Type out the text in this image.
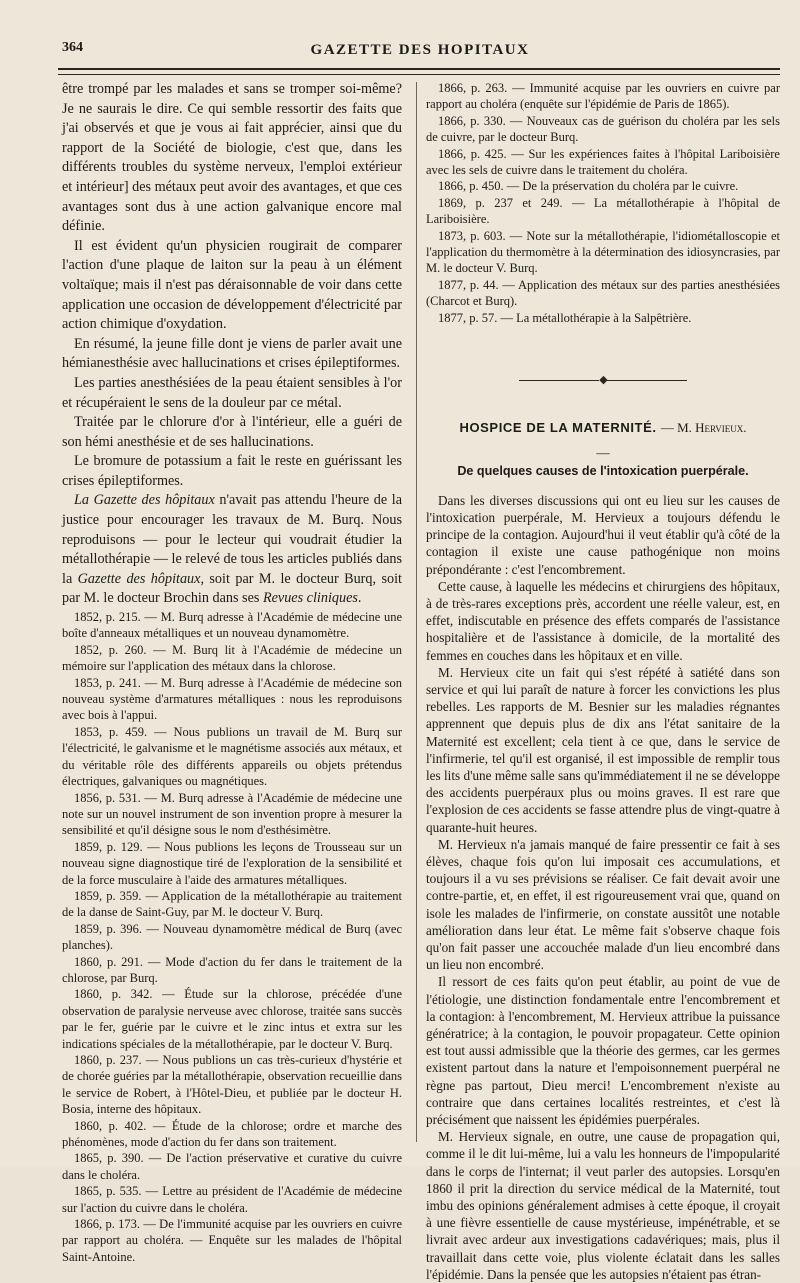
364	GAZETTE DES HOPITAUX

être trompé par les malades et sans se tromper soi-même? Je ne saurais le dire. Ce qui semble ressortir des faits que j'ai observés et que je vous ai fait apprécier, ainsi que du rapport de la Société de biologie, c'est que, dans les différents troubles du système nerveux, l'emploi extérieur et intérieur] des métaux peut avoir des avantages, et que ces avantages sont dus à une action galvanique encore mal définie.

Il est évident qu'un physicien rougirait de comparer l'action d'une plaque de laiton sur la peau à un élément voltaïque; mais il n'est pas déraisonnable de voir dans cette application une occasion de développement d'électricité par action chimique d'oxydation.

En résumé, la jeune fille dont je viens de parler avait une hémianesthésie avec hallucinations et crises épileptiformes.

Les parties anesthésiées de la peau étaient sensibles à l'or et récupéraient le sens de la douleur par ce métal.

Traitée par le chlorure d'or à l'intérieur, elle a guéri de son hémi anesthésie et de ses hallucinations.

Le bromure de potassium a fait le reste en guérissant les crises épileptiformes.

La Gazette des hôpitaux n'avait pas attendu l'heure de la justice pour encourager les travaux de M. Burq. Nous reproduisons — pour le lecteur qui voudrait étudier la métallothérapie — le relevé de tous les articles publiés dans la Gazette des hôpitaux, soit par M. le docteur Burq, soit par M. le docteur Brochin dans ses Revues cliniques.

1852, p. 215. — M. Burq adresse à l'Académie de médecine une boîte d'anneaux métalliques et un nouveau dynamomètre.

1852, p. 260. — M. Burq lit à l'Académie de médecine un mémoire sur l'application des métaux dans la chlorose.

1853, p. 241. — M. Burq adresse à l'Académie de médecine son nouveau système d'armatures métalliques : nous les reproduisons avec bois à l'appui.

1853, p. 459. — Nous publions un travail de M. Burq sur l'électricité, le galvanisme et le magnétisme associés aux métaux, et du véritable rôle des différents appareils ou objets prétendus électriques, galvaniques ou magnétiques.

1856, p. 531. — M. Burq adresse à l'Académie de médecine une note sur un nouvel instrument de son invention propre à mesurer la sensibilité et qu'il désigne sous le nom d'esthésimètre.

1859, p. 129. — Nous publions les leçons de Trousseau sur un nouveau signe diagnostique tiré de l'exploration de la sensibilité et de la force musculaire à l'aide des armatures métalliques.

1859, p. 359. — Application de la métallothérapie au traitement de la danse de Saint-Guy, par M. le docteur V. Burq.

1859, p. 396. — Nouveau dynamomètre médical de Burq (avec planches).

1860, p. 291. — Mode d'action du fer dans le traitement de la chlorose, par Burq.

1860, p. 342. — Étude sur la chlorose, précédée d'une observation de paralysie nerveuse avec chlorose, traitée sans succès par le fer, guérie par le cuivre et le zinc intus et extra sur les indications spéciales de la métallothérapie, par le docteur V. Burq.

1860, p. 237. — Nous publions un cas très-curieux d'hystérie et de chorée guéries par la métallothérapie, observation recueillie dans le service de Robert, à l'Hôtel-Dieu, et publiée par le docteur H. Bosia, interne des hôpitaux.

1860, p. 402. — Étude de la chlorose; ordre et marche des phénomènes, mode d'action du fer dans son traitement.

1865, p. 390. — De l'action préservative et curative du cuivre dans le choléra.

1865, p. 535. — Lettre au président de l'Académie de médecine sur l'action du cuivre dans le choléra.

1866, p. 173. — De l'immunité acquise par les ouvriers en cuivre par rapport au choléra. — Enquête sur les malades de l'hôpital Saint-Antoine.

1866, p. 263. — Immunité acquise par les ouvriers en cuivre par rapport au choléra (enquête sur l'épidémie de Paris de 1865).

1866, p. 330. — Nouveaux cas de guérison du choléra par les sels de cuivre, par le docteur Burq.

1866, p. 425. — Sur les expériences faites à l'hôpital Lariboisière avec les sels de cuivre dans le traitement du choléra.

1866, p. 450. — De la préservation du choléra par le cuivre.

1869, p. 237 et 249. — La métallothérapie à l'hôpital de Lariboisière.

1873, p. 603. — Note sur la métallothérapie, l'idiométalloscopie et l'application du thermomètre à la détermination des idiosyncrasies, par M. le docteur V. Burq.

1877, p. 44. — Application des métaux sur des parties anesthésiées (Charcot et Burq).

1877, p. 57. — La métallothérapie à la Salpêtrière.

◆
HOSPICE DE LA MATERNITÉ. — M. Hervieux.
—
De quelques causes de l'intoxication puerpérale.

Dans les diverses discussions qui ont eu lieu sur les causes de l'intoxication puerpérale, M. Hervieux a toujours défendu le principe de la contagion. Aujourd'hui il veut établir qu'à côté de la contagion il existe une cause pathogénique non moins prépondérante : c'est l'encombrement.

Cette cause, à laquelle les médecins et chirurgiens des hôpitaux, à de très-rares exceptions près, accordent une réelle valeur, est, en effet, indiscutable en présence des effets comparés de l'assistance hospitalière et de l'assistance à domicile, de la mortalité des femmes en couches dans les hôpitaux et en ville.

M. Hervieux cite un fait qui s'est répété à satiété dans son service et qui lui paraît de nature à forcer les convictions les plus rebelles. Les rapports de M. Besnier sur les maladies régnantes apprennent que depuis plus de dix ans l'état sanitaire de la Maternité est excellent; cela tient à ce que, dans le service de l'infirmerie, tel qu'il est organisé, il est impossible de remplir tous les lits d'une même salle sans qu'immédiatement il ne se développe des accidents puerpéraux plus ou moins graves. Il est rare que l'explosion de ces accidents se fasse attendre plus de vingt-quatre à quarante-huit heures.

M. Hervieux n'a jamais manqué de faire pressentir ce fait à ses élèves, chaque fois qu'on lui imposait ces accumulations, et toujours il a vu ses prévisions se réaliser. Ce fait devait avoir une contre-partie, et, en effet, il est rigoureusement vrai que, quand on isole les malades de l'infirmerie, on constate aussitôt une notable amélioration dans leur état. Le même fait s'observe chaque fois qu'on fait passer une accouchée malade d'un lieu encombré dans un lieu non encombré.

Il ressort de ces faits qu'on peut établir, au point de vue de l'étiologie, une distinction fondamentale entre l'encombrement et la contagion: à l'encombrement, M. Hervieux attribue la puissance génératrice; à la contagion, le pouvoir propagateur. Cette opinion est tout aussi admissible que la théorie des germes, car les germes existent partout dans la nature et l'empoisonnement puerpéral ne règne pas partout, Dieu merci! L'encombrement n'existe au contraire que dans certaines localités restreintes, et c'est là précisément que naissent les épidémies puerpérales.

M. Hervieux signale, en outre, une cause de propagation qui, comme il le dit lui-même, lui a valu les honneurs de l'impopularité dans le corps de l'internat; il veut parler des autopsies. Lorsqu'en 1860 il prit la direction du service médical de la Maternité, tout imbu des opinions généralement admises à cette époque, il croyait à une fièvre essentielle de cause mystérieuse, impénétrable, et se livrait avec ardeur aux investigations cadavériques; mais, plus il travaillait dans cette voie, plus violente éclatait dans les salles l'épidémie. Dans la pensée que les autopsies n'étaient pas étran-
